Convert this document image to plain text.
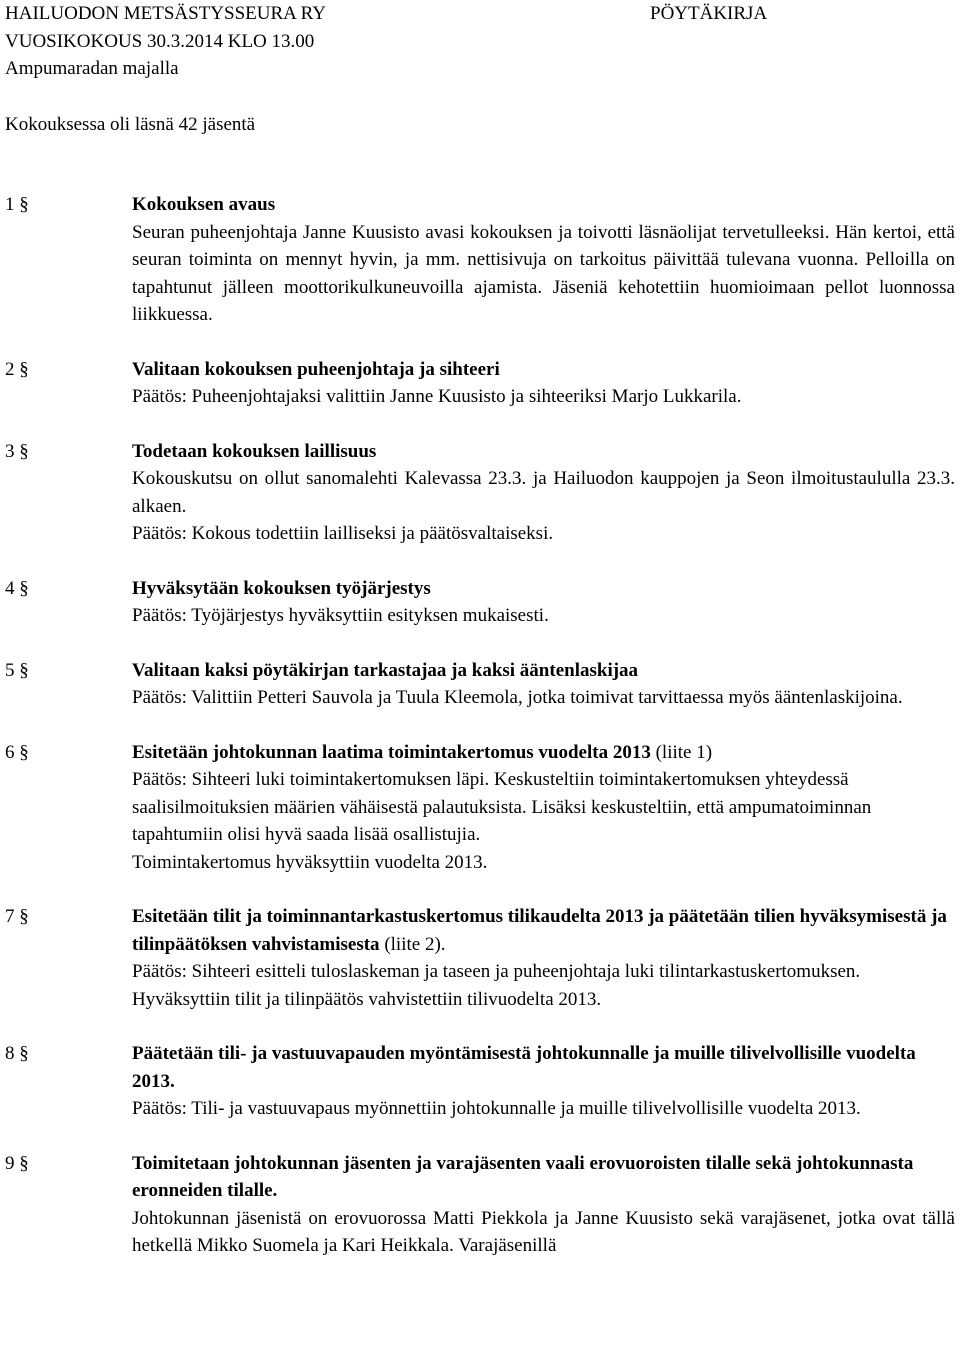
HAILUODON METSÄSTYSSEURA RY	PÖYTÄKIRJA
VUOSIKOKOUS 30.3.2014 KLO 13.00
Ampumaradan majalla
Kokouksessa oli läsnä 42 jäsentä
1 §	Kokouksen avaus

Seuran puheenjohtaja Janne Kuusisto avasi kokouksen ja toivotti läsnäolijat tervetulleeksi. Hän kertoi, että seuran toiminta on mennyt hyvin, ja mm. nettisivuja on tarkoitus päivittää tulevana vuonna. Pelloilla on tapahtunut jälleen moottorikulkuneuvoilla ajamista. Jäseniä kehotettiin huomioimaan pellot luonnossa liikkuessa.

2 §	Valitaan kokouksen puheenjohtaja ja sihteeri

Päätös: Puheenjohtajaksi valittiin Janne Kuusisto ja sihteeriksi Marjo Lukkarila.

3 §	Todetaan kokouksen laillisuus

Kokouskutsu on ollut sanomalehti Kalevassa 23.3. ja Hailuodon kauppojen ja Seon ilmoitustaululla 23.3. alkaen.

Päätös: Kokous todettiin lailliseksi ja päätösvaltaiseksi.

4 §	Hyväksytään kokouksen työjärjestys

Päätös: Työjärjestys hyväksyttiin esityksen mukaisesti.

5 §	Valitaan kaksi pöytäkirjan tarkastajaa ja kaksi ääntenlaskijaa

Päätös: Valittiin Petteri Sauvola ja Tuula Kleemola, jotka toimivat tarvittaessa myös ääntenlaskijoina.

6 §	Esitetään johtokunnan laatima toimintakertomus vuodelta 2013 (liite 1)

Päätös: Sihteeri luki toimintakertomuksen läpi. Keskusteltiin toimintakertomuksen yhteydessä saalisilmoituksien määrien vähäisestä palautuksista. Lisäksi keskusteltiin, että ampumatoiminnan tapahtumiin olisi hyvä saada lisää osallistujia.

Toimintakertomus hyväksyttiin vuodelta 2013.

7 §	Esitetään tilit ja toiminnantarkastuskertomus tilikaudelta 2013 ja päätetään tilien hyväksymisestä ja tilinpäätöksen vahvistamisesta (liite 2).

Päätös: Sihteeri esitteli tuloslaskeman ja taseen ja puheenjohtaja luki tilintarkastuskertomuksen. Hyväksyttiin tilit ja tilinpäätös vahvistettiin tilivuodelta 2013.

8 §	Päätetään tili- ja vastuuvapauden myöntämisestä johtokunnalle ja muille tilivelvollisille vuodelta 2013.

Päätös: Tili- ja vastuuvapaus myönnettiin johtokunnalle ja muille tilivelvollisille vuodelta 2013.

9 §	Toimitetaan johtokunnan jäsenten ja varajäsenten vaali erovuoroisten tilalle sekä johtokunnasta eronneiden tilalle.

Johtokunnan jäsenistä on erovuorossa Matti Piekkola ja Janne Kuusisto sekä varajäsenet, jotka ovat tällä hetkellä Mikko Suomela ja Kari Heikkala. Varajäsenillä
